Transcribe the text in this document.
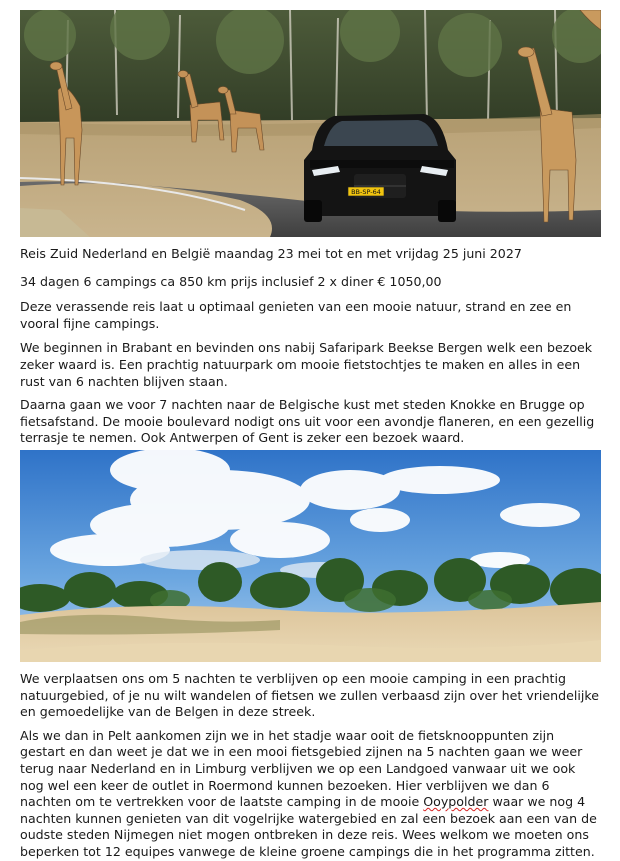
BB-SP-64

Reis Zuid Nederland en België maandag 23 mei tot en met vrijdag 25 juni 2027

34 dagen 6 campings ca 850 km prijs inclusief 2 x diner € 1050,00

Deze verassende reis laat u optimaal genieten van een mooie natuur, strand en zee en vooral fijne campings.

We beginnen in Brabant en bevinden ons nabij Safaripark Beekse Bergen welk een bezoek zeker waard is. Een prachtig natuurpark om mooie fietstochtjes te maken en alles in een rust van 6 nachten blijven staan.

Daarna gaan we voor 7 nachten naar de Belgische kust met steden Knokke en Brugge op fietsafstand. De mooie boulevard nodigt ons uit voor een avondje flaneren, en een gezellig terrasje te nemen. Ook Antwerpen of Gent is zeker een bezoek waard.

We verplaatsen ons om 5 nachten te verblijven op een mooie camping in een prachtig natuurgebied, of je nu wilt wandelen of fietsen we zullen verbaasd zijn over het vriendelijke en gemoedelijke van de Belgen in deze streek.

Als we dan in Pelt aankomen zijn we in het stadje waar ooit de fietsknooppunten zijn gestart en dan weet je dat we in een mooi fietsgebied zijnen na 5 nachten gaan we weer terug naar Nederland en in Limburg verblijven we op een Landgoed vanwaar uit we ook nog wel een keer de outlet in Roermond kunnen bezoeken. Hier verblijven we dan 6 nachten om te vertrekken voor de laatste camping in de mooie Ooypolder waar we nog 4 nachten kunnen genieten van dit vogelrijke watergebied en zal een bezoek aan een van de oudste steden Nijmegen niet mogen ontbreken in deze reis. Wees welkom we moeten ons beperken tot 12 equipes vanwege de kleine groene campings die in het programma zitten.
